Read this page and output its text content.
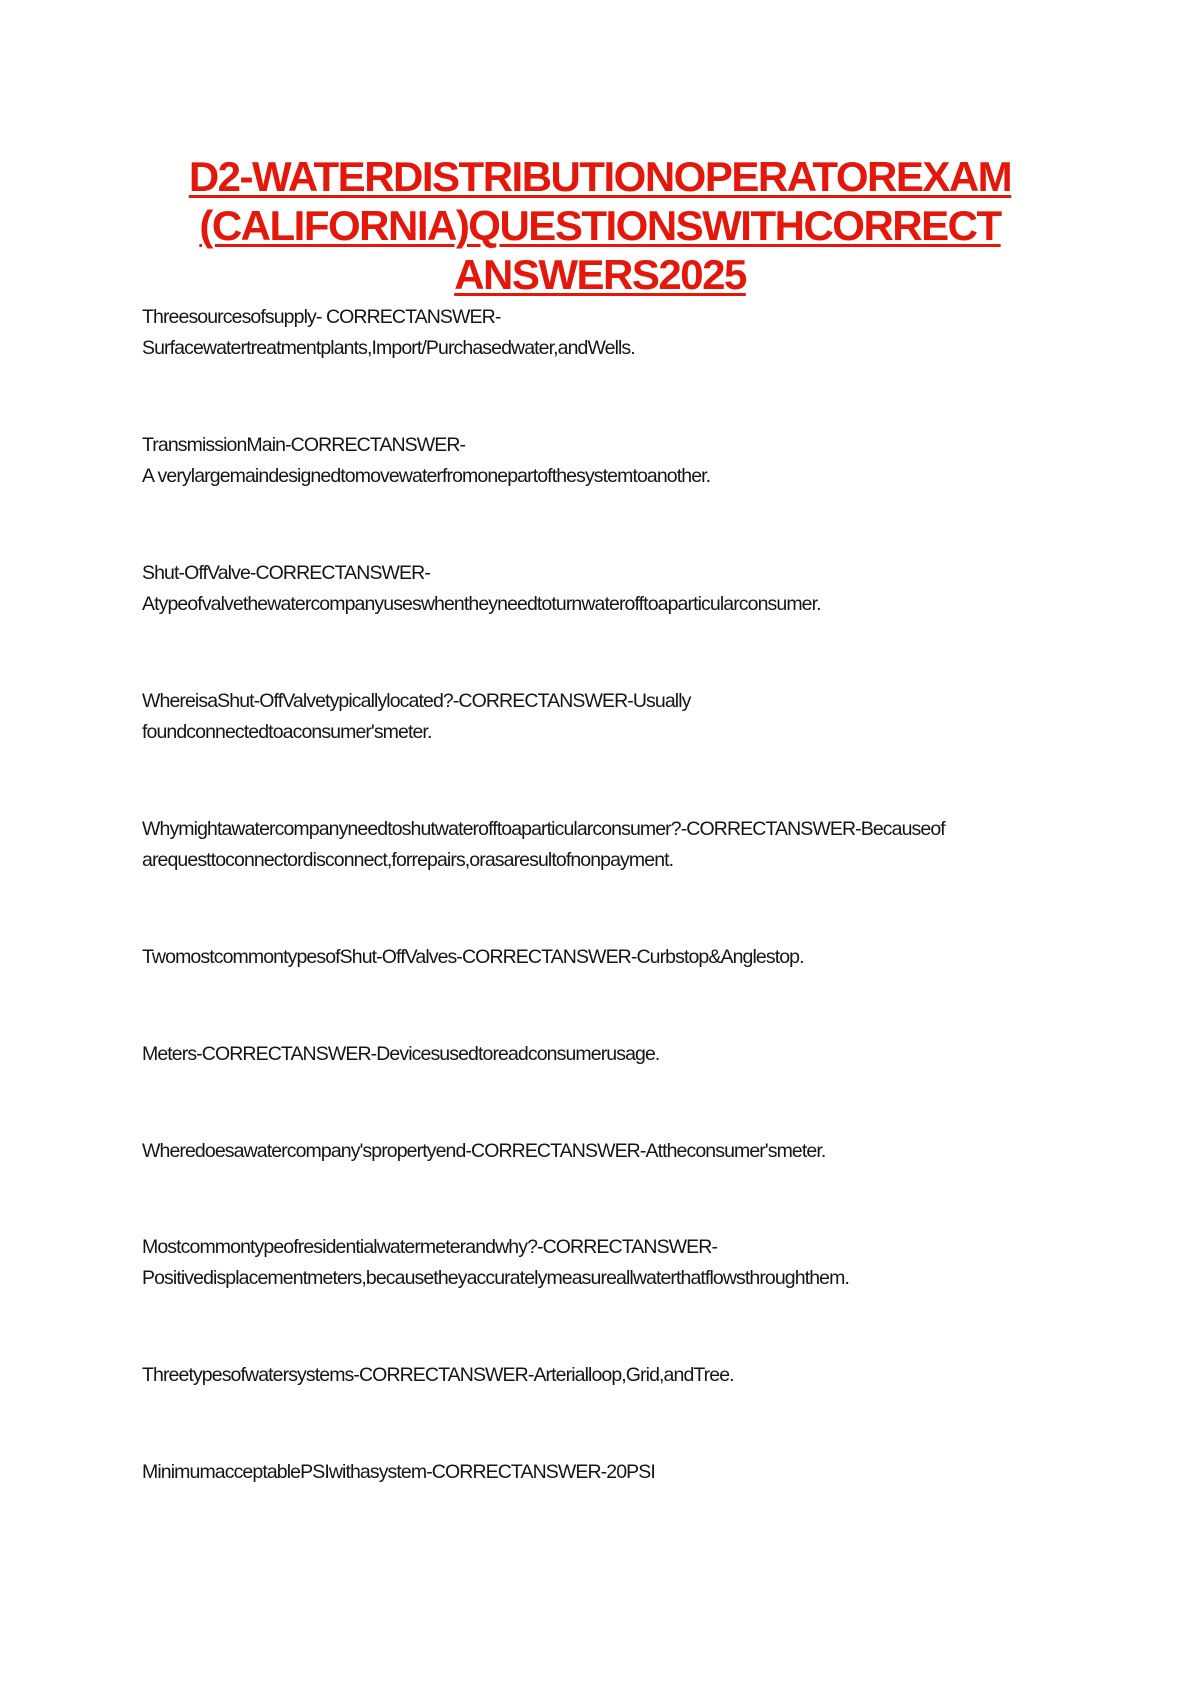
D2-WATERDISTRIBUTIONOPERATOREXAM
(CALIFORNIA)QUESTIONSWITHCORRECT
ANSWERS2025

Threesourcesofsupply- CORRECTANSWER-
Surfacewatertreatmentplants,Import/Purchasedwater,andWells.

TransmissionMain-CORRECTANSWER-
A verylargemaindesignedtomovewaterfromonepartofthesystemtoanother.

Shut-OffValve-CORRECTANSWER-
Atypeofvalvethewatercompanyuseswhentheyneedtoturnwaterofftoaparticularconsumer.

WhereisaShut-OffValvetypicallylocated?-CORRECTANSWER-Usually
foundconnectedtoaconsumer'smeter.

Whymightawatercompanyneedtoshutwaterofftoaparticularconsumer?-CORRECTANSWER-Becauseof
arequesttoconnectordisconnect,forrepairs,orasaresultofnonpayment.

TwomostcommontypesofShut-OffValves-CORRECTANSWER-Curbstop&Anglestop.

Meters-CORRECTANSWER-Devicesusedtoreadconsumerusage.

Wheredoesawatercompany'spropertyend-CORRECTANSWER-Attheconsumer'smeter.

Mostcommontypeofresidentialwatermeterandwhy?-CORRECTANSWER-
Positivedisplacementmeters,becausetheyaccuratelymeasureallwaterthatflowsthroughthem.

Threetypesofwatersystems-CORRECTANSWER-Arterialloop,Grid,andTree.

MinimumacceptablePSIwithasystem-CORRECTANSWER-20PSI
